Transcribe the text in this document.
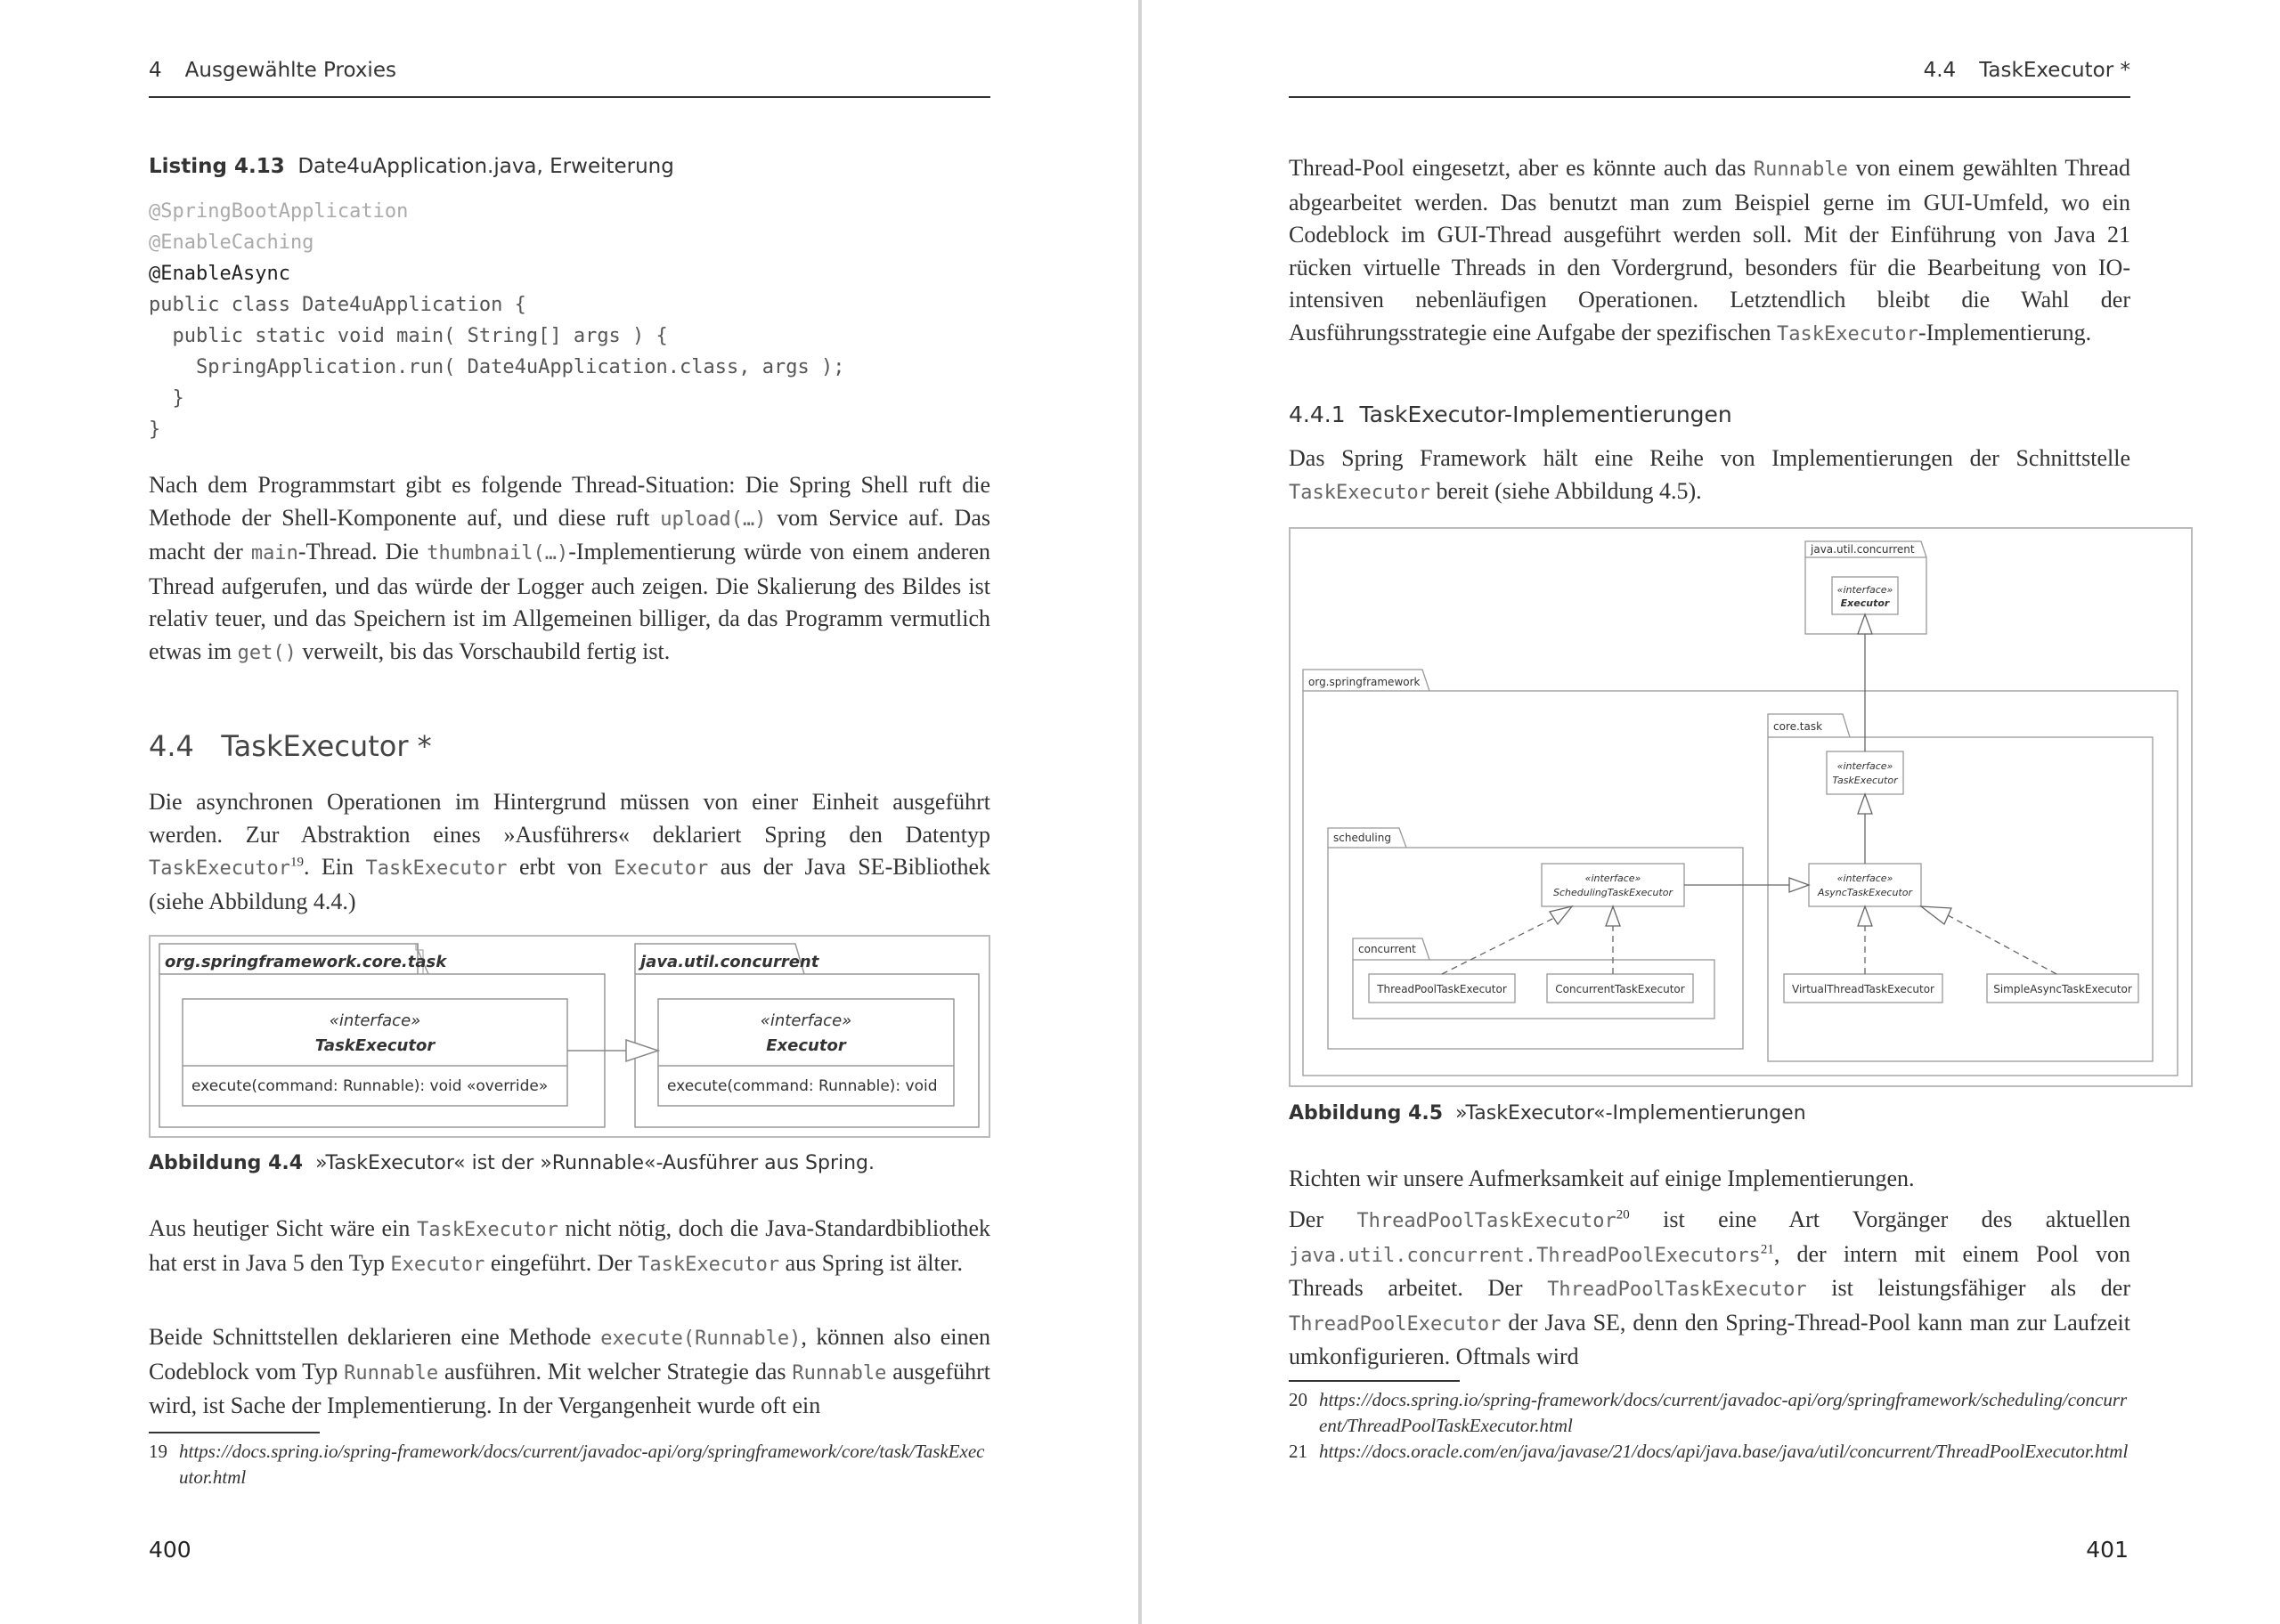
4 Ausgewählte Proxies
Listing 4.13 Date4uApplication.java, Erweiterung
@SpringBootApplication
@EnableCaching
@EnableAsync
public class Date4uApplication {
public static void main( String[] args ) {
SpringApplication.run( Date4uApplication.class, args );
}
}

Nach dem Programmstart gibt es folgende Thread-Situation: Die Spring Shell ruft die Methode der Shell-Komponente auf, und diese ruft upload(…) vom Service auf. Das macht der main-Thread. Die thumbnail(…)-Implementierung würde von einem anderen Thread aufgerufen, und das würde der Logger auch zeigen. Die Skalierung des Bildes ist relativ teuer, und das Speichern ist im Allgemeinen billiger, da das Programm vermutlich etwas im get() verweilt, bis das Vorschaubild fertig ist.

4.4 TaskExecutor *

Die asynchronen Operationen im Hintergrund müssen von einer Einheit ausgeführt werden. Zur Abstraktion eines »Ausführers« deklariert Spring den Datentyp TaskExecutor$^{19}$. Ein TaskExecutor erbt von Executor aus der Java SE-Bibliothek (siehe Abbildung 4.4.)

org.springframework.core.task
«interface»
TaskExecutor
execute(command: Runnable): void «override»
java.util.concurrent
«interface»
Executor
execute(command: Runnable): void
Abbildung 4.4 »TaskExecutor« ist der »Runnable«-Ausführer aus Spring.

Aus heutiger Sicht wäre ein TaskExecutor nicht nötig, doch die Java-Standardbibliothek hat erst in Java 5 den Typ Executor eingeführt. Der TaskExecutor aus Spring ist älter.

Beide Schnittstellen deklarieren eine Methode execute(Runnable), können also einen Codeblock vom Typ Runnable ausführen. Mit welcher Strategie das Runnable ausgeführt wird, ist Sache der Implementierung. In der Vergangenheit wurde oft ein

19 https://docs.spring.io/spring-framework/docs/current/javadoc-api/org/springframework/core/task/TaskExecutor.html
400
4.4 TaskExecutor *

Thread-Pool eingesetzt, aber es könnte auch das Runnable von einem gewählten Thread abgearbeitet werden. Das benutzt man zum Beispiel gerne im GUI-Umfeld, wo ein Codeblock im GUI-Thread ausgeführt werden soll. Mit der Einführung von Java 21 rücken virtuelle Threads in den Vordergrund, besonders für die Bearbeitung von IO-intensiven nebenläufigen Operationen. Letztendlich bleibt die Wahl der Ausführungsstrategie eine Aufgabe der spezifischen TaskExecutor-Implementierung.

4.4.1 TaskExecutor-Implementierungen

Das Spring Framework hält eine Reihe von Implementierungen der Schnittstelle TaskExecutor bereit (siehe Abbildung 4.5).

java.util.concurrent
«interface»
Executor
org.springframework
core.task
scheduling
concurrent
«interface»
TaskExecutor
«interface»
AsyncTaskExecutor
«interface»
SchedulingTaskExecutor
ThreadPoolTaskExecutor	ConcurrentTaskExecutor	VirtualThreadTaskExecutor	SimpleAsyncTaskExecutor
Abbildung 4.5 »TaskExecutor«-Implementierungen

Richten wir unsere Aufmerksamkeit auf einige Implementierungen.

Der ThreadPoolTaskExecutor$^{20}$ ist eine Art Vorgänger des aktuellen java.util.concurrent.ThreadPoolExecutors$^{21}$, der intern mit einem Pool von Threads arbeitet. Der ThreadPoolTaskExecutor ist leistungsfähiger als der ThreadPoolExecutor der Java SE, denn den Spring-Thread-Pool kann man zur Laufzeit umkonfigurieren. Oftmals wird

20 https://docs.spring.io/spring-framework/docs/current/javadoc-api/org/springframework/scheduling/concurrent/ThreadPoolTaskExecutor.html
21 https://docs.oracle.com/en/java/javase/21/docs/api/java.base/java/util/concurrent/ThreadPoolExecutor.html
401
